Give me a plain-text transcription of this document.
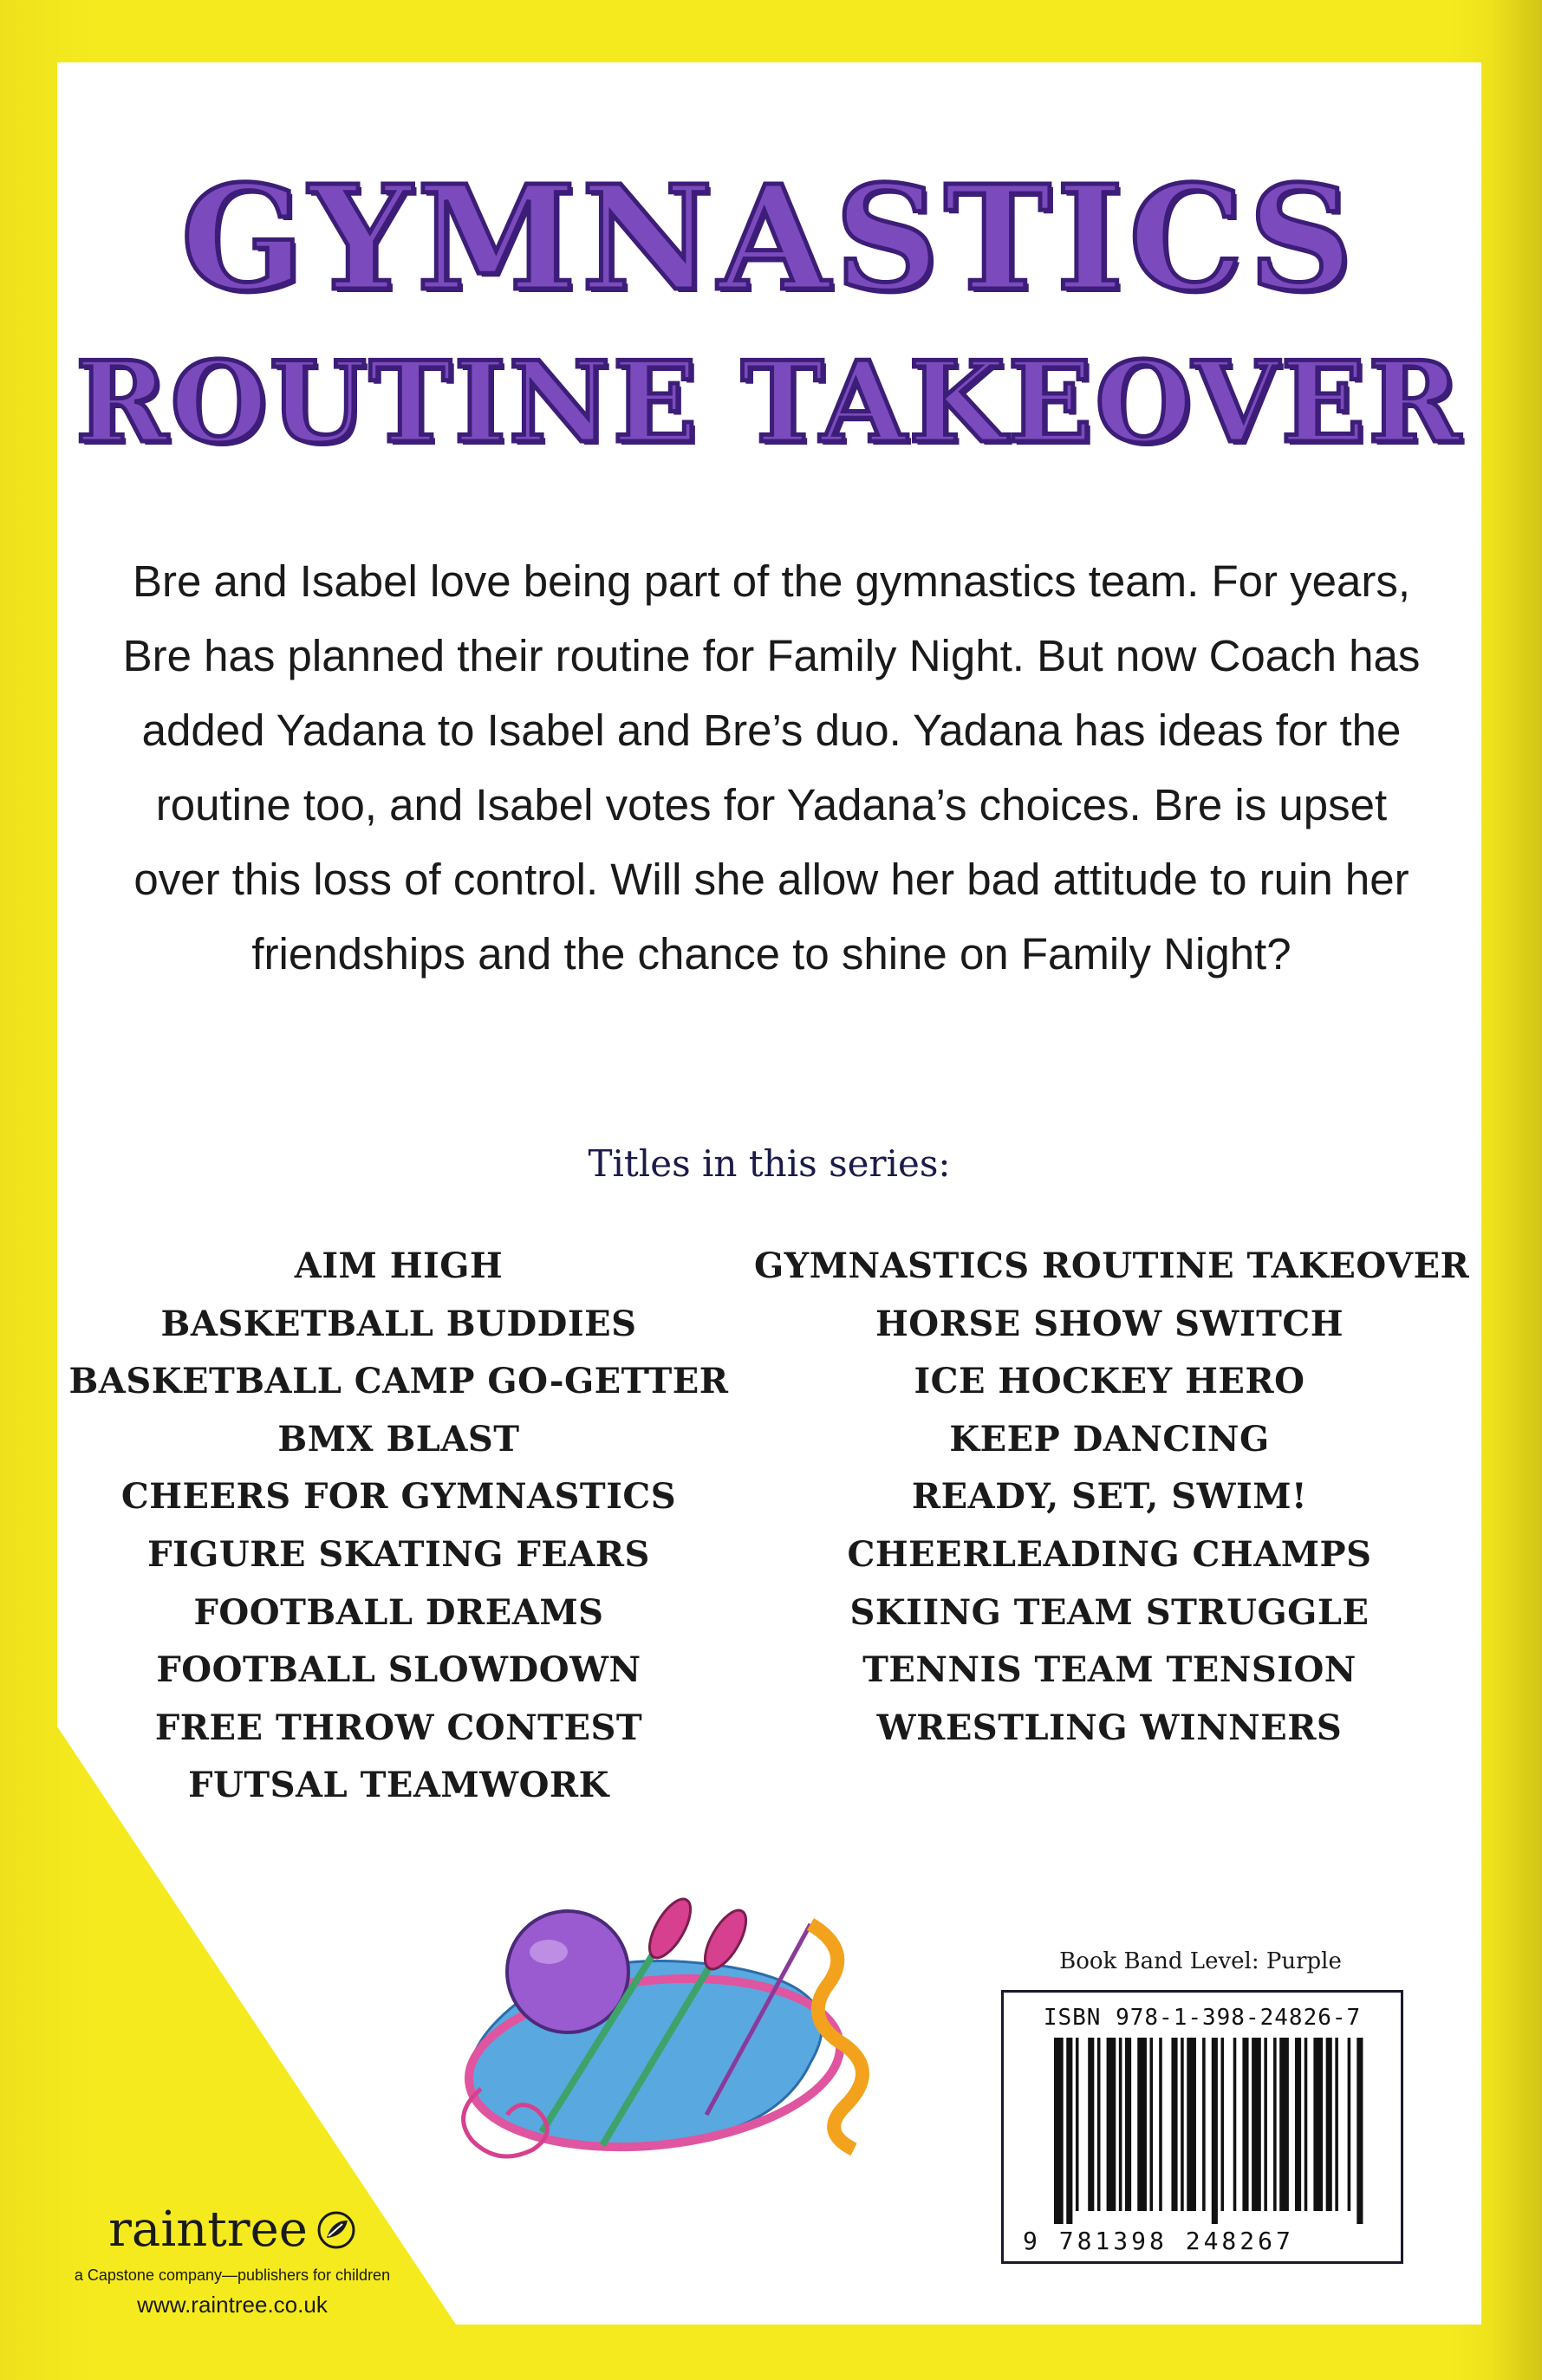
GYMNASTICS
ROUTINE TAKEOVER

Bre and Isabel love being part of the gymnastics team. For years, Bre has planned their routine for Family Night. But now Coach has added Yadana to Isabel and Bre’s duo. Yadana has ideas for the routine too, and Isabel votes for Yadana’s choices. Bre is upset over this loss of control. Will she allow her bad attitude to ruin her friendships and the chance to shine on Family Night?

Titles in this series:

AIM HIGH
BASKETBALL BUDDIES
BASKETBALL CAMP GO-GETTER
BMX BLAST
CHEERS FOR GYMNASTICS
FIGURE SKATING FEARS
FOOTBALL DREAMS
FOOTBALL SLOWDOWN
FREE THROW CONTEST
FUTSAL TEAMWORK
GYMNASTICS ROUTINE TAKEOVER
HORSE SHOW SWITCH
ICE HOCKEY HERO
KEEP DANCING
READY, SET, SWIM!
CHEERLEADING CHAMPS
SKIING TEAM STRUGGLE
TENNIS TEAM TENSION
WRESTLING WINNERS
Book Band Level: Purple
ISBN 978-1-398-24826-7
9 781398 248267
raintree
a Capstone company—publishers for children
www.raintree.co.uk
